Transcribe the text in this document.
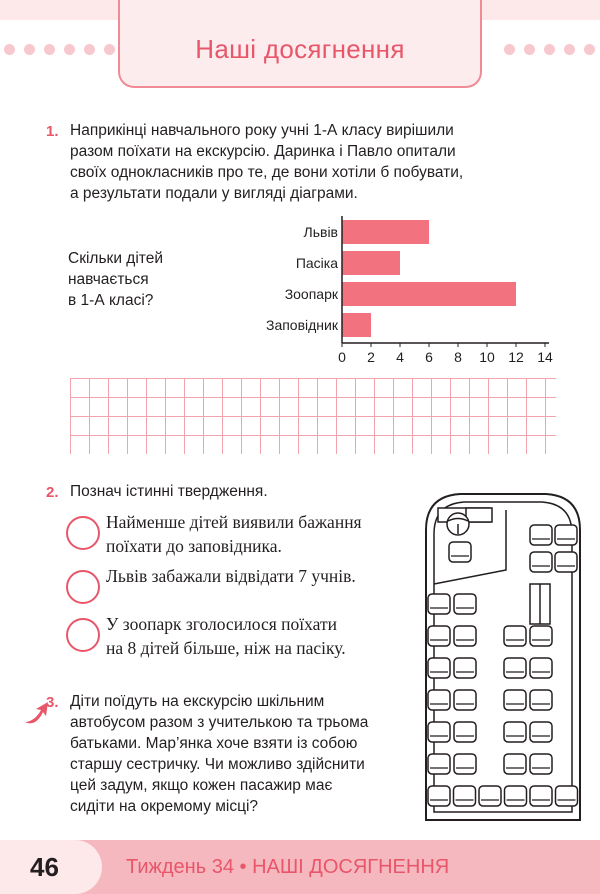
Наші досягнення
1. Наприкінці навчального року учні 1-А класу вирішили
разом поїхати на екскурсію. Даринка і Павло опитали
своїх однокласників про те, де вони хотіли б побувати,
а результати подали у вигляді діаграми.
Скільки дітей
навчається
в 1-А класі?
Львів
Пасіка
Зоопарк
Заповідник
0 2 4 6 8 10 12 14
2. Познач істинні твердження.
Найменше дітей виявили бажання
поїхати до заповідника.
Львів забажали відвідати 7 учнів.
У зоопарк зголосилося поїхати
на 8 дітей більше, ніж на пасіку.
3. Діти поїдуть на екскурсію шкільним
автобусом разом з учителькою та трьома
батьками. Мар’янка хоче взяти із собою
старшу сестричку. Чи можливо здійснити
цей задум, якщо кожен пасажир має
сидіти на окремому місці?
46	Тиждень 34 • НАШІ ДОСЯГНЕННЯ
